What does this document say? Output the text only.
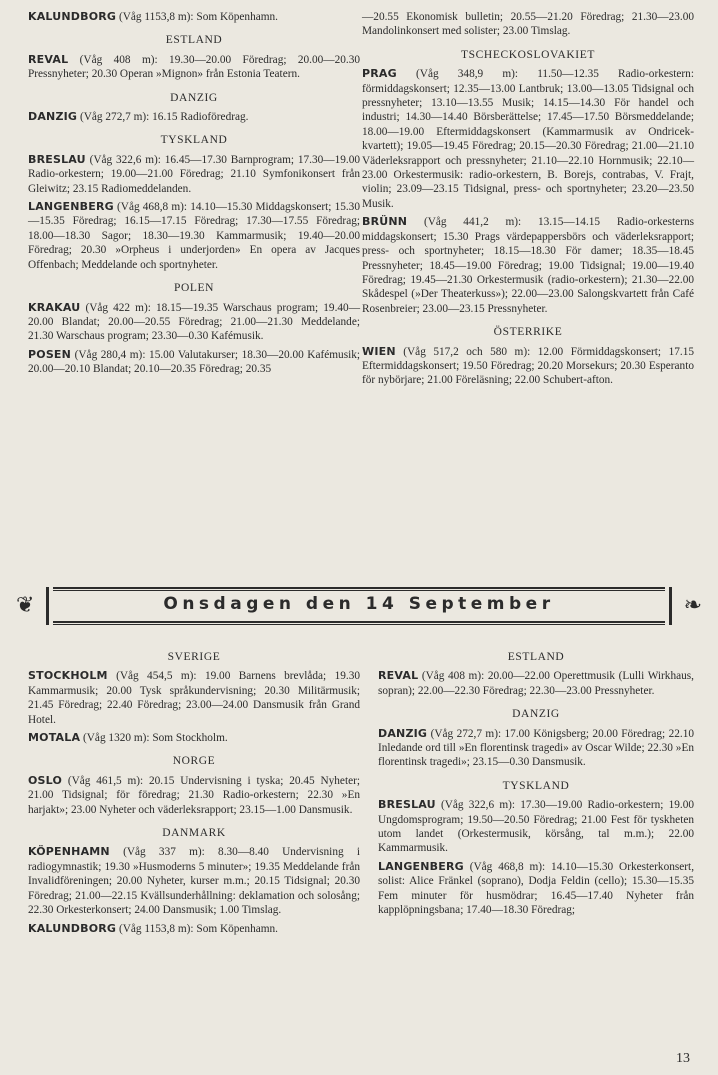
KALUNDBORG (Våg 1153,8 m): Som Köpenhamn.

ESTLAND

REVAL (Våg 408 m): 19.30—20.00 Föredrag; 20.00—20.30 Pressnyheter; 20.30 Operan »Mignon» från Estonia Teatern.

DANZIG

DANZIG (Våg 272,7 m): 16.15 Radioföredrag.

TYSKLAND

BRESLAU (Våg 322,6 m): 16.45—17.30 Barnprogram; 17.30—19.00 Radio-orkestern; 19.00—21.00 Föredrag; 21.10 Symfonikonsert från Gleiwitz; 23.15 Radiomeddelanden.

LANGENBERG (Våg 468,8 m): 14.10—15.30 Middagskonsert; 15.30—15.35 Föredrag; 16.15—17.15 Föredrag; 17.30—17.55 Föredrag; 18.00—18.30 Sagor; 18.30—19.30 Kammarmusik; 19.40—20.00 Föredrag; 20.30 »Orpheus i underjorden» En opera av Jacques Offenbach; Meddelande och sportnyheter.

POLEN

KRAKAU (Våg 422 m): 18.15—19.35 Warschaus program; 19.40—20.00 Blandat; 20.00—20.55 Föredrag; 21.00—21.30 Meddelande; 21.30 Warschaus program; 23.30—0.30 Kafémusik.

POSEN (Våg 280,4 m): 15.00 Valutakurser; 18.30—20.00 Kafémusik; 20.00—20.10 Blandat; 20.10—20.35 Föredrag; 20.35

—20.55 Ekonomisk bulletin; 20.55—21.20 Föredrag; 21.30—23.00 Mandolinkonsert med solister; 23.00 Timslag.

TSCHECKOSLOVAKIET

PRAG (Våg 348,9 m): 11.50—12.35 Radio-orkestern: förmiddagskonsert; 12.35—13.00 Lantbruk; 13.00—13.05 Tidsignal och pressnyheter; 13.10—13.55 Musik; 14.15—14.30 För handel och industri; 14.30—14.40 Börsberättelse; 17.45—17.50 Börsmeddelande; 18.00—19.00 Eftermiddagskonsert (Kammarmusik av Ondricek-kvartett); 19.05—19.45 Föredrag; 20.15—20.30 Föredrag; 21.00—21.10 Väderleksrapport och pressnyheter; 21.10—22.10 Hornmusik; 22.10—23.00 Orkestermusik: radio-orkestern, B. Borejs, contrabas, V. Frajt, violin; 23.09—23.15 Tidsignal, press- och sportnyheter; 23.20—23.50 Musik.

BRÜNN (Våg 441,2 m): 13.15—14.15 Radio-orkesterns middagskonsert; 15.30 Prags värdepappersbörs och väderleksrapport; press- och sportnyheter; 18.15—18.30 För damer; 18.35—18.45 Pressnyheter; 18.45—19.00 Föredrag; 19.00 Tidsignal; 19.00—19.40 Föredrag; 19.45—21.30 Orkestermusik (radio-orkestern); 21.30—22.00 Skådespel (»Der Theaterkuss»); 22.00—23.00 Salongskvartett från Café Rosenbreier; 23.00—23.15 Pressnyheter.

ÖSTERRIKE

WIEN (Våg 517,2 och 580 m): 12.00 Förmiddagskonsert; 17.15 Eftermiddagskonsert; 19.50 Föredrag; 20.20 Morsekurs; 20.30 Esperanto för nybörjare; 21.00 Föreläsning; 22.00 Schubert-afton.

❦	Onsdagen den 14 September	❧
SVERIGE

STOCKHOLM (Våg 454,5 m): 19.00 Barnens brevlåda; 19.30 Kammarmusik; 20.00 Tysk språkundervisning; 20.30 Militärmusik; 21.45 Föredrag; 22.40 Föredrag; 23.00—24.00 Dansmusik från Grand Hotel.

MOTALA (Våg 1320 m): Som Stockholm.

NORGE

OSLO (Våg 461,5 m): 20.15 Undervisning i tyska; 20.45 Nyheter; 21.00 Tidsignal; för föredrag; 21.30 Radio-orkestern; 22.30 »En harjakt»; 23.00 Nyheter och väderleksrapport; 23.15—1.00 Dansmusik.

DANMARK

KÖPENHAMN (Våg 337 m): 8.30—8.40 Undervisning i radiogymnastik; 19.30 »Husmoderns 5 minuter»; 19.35 Meddelande från Invalidföreningen; 20.00 Nyheter, kurser m.m.; 20.15 Tidsignal; 20.30 Föredrag; 21.00—22.15 Kvällsunderhållning: deklamation och solosång; 22.30 Orkesterkonsert; 24.00 Dansmusik; 1.00 Timslag.

KALUNDBORG (Våg 1153,8 m): Som Köpenhamn.

ESTLAND

REVAL (Våg 408 m): 20.00—22.00 Operettmusik (Lulli Wirkhaus, sopran); 22.00—22.30 Föredrag; 22.30—23.00 Pressnyheter.

DANZIG

DANZIG (Våg 272,7 m): 17.00 Königsberg; 20.00 Föredrag; 22.10 Inledande ord till »En florentinsk tragedi» av Oscar Wilde; 22.30 »En florentinsk tragedi»; 23.15—0.30 Dansmusik.

TYSKLAND

BRESLAU (Våg 322,6 m): 17.30—19.00 Radio-orkestern; 19.00 Ungdomsprogram; 19.50—20.50 Föredrag; 21.00 Fest för tyskheten utom landet (Orkestermusik, körsång, tal m.m.); 22.00 Kammarmusik.

LANGENBERG (Våg 468,8 m): 14.10—15.30 Orkesterkonsert, solist: Alice Fränkel (soprano), Dodja Feldin (cello); 15.30—15.35 Fem minuter för husmödrar; 16.45—17.40 Nyheter från kapplöpningsbana; 17.40—18.30 Föredrag;

13
